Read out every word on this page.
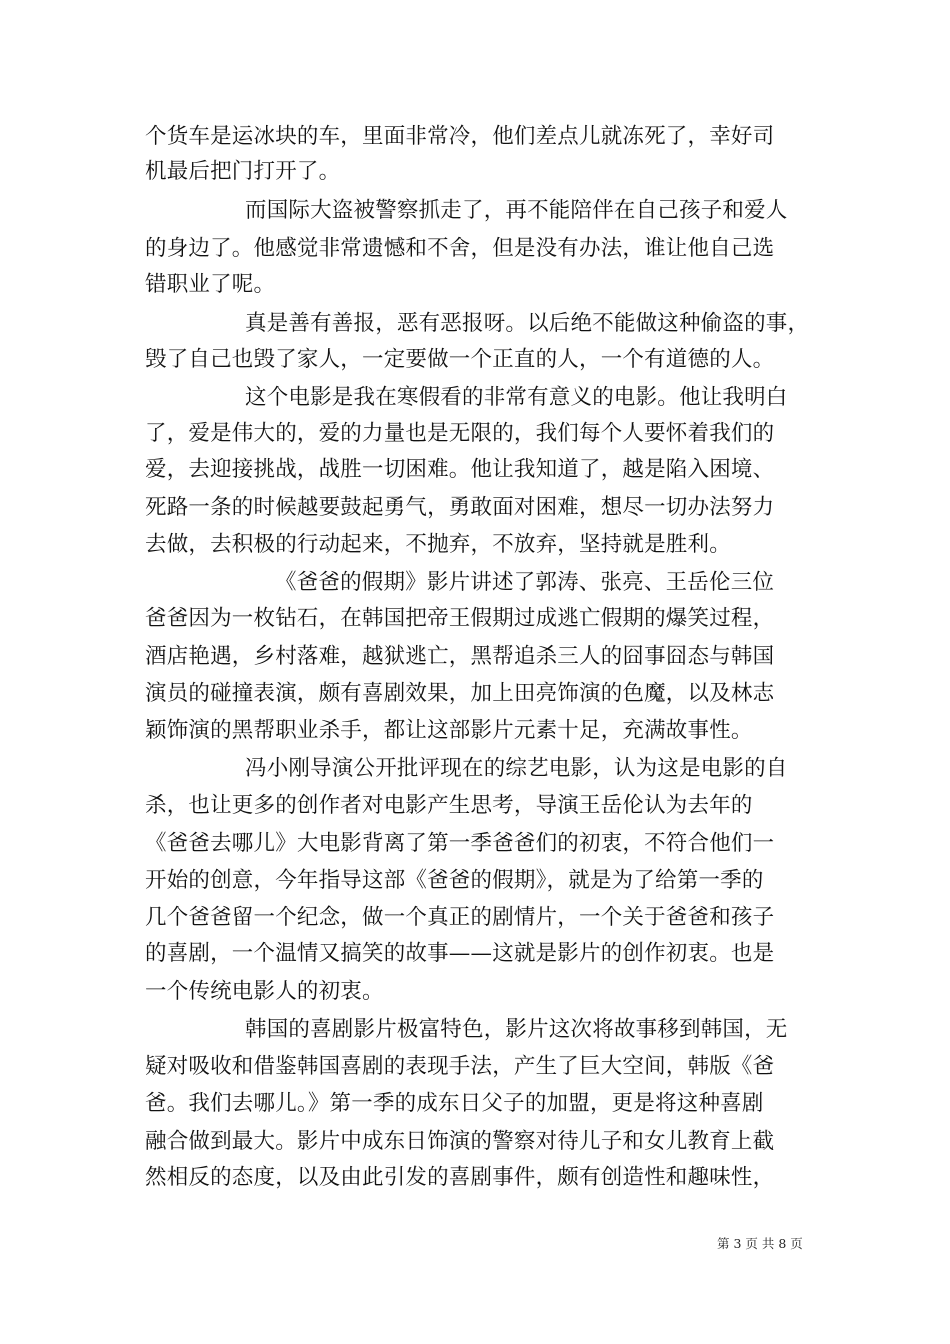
个货车是运冰块的车，里面非常冷，他们差点儿就冻死了，幸好司
机最后把门打开了。
而国际大盗被警察抓走了，再不能陪伴在自己孩子和爱人
的身边了。他感觉非常遗憾和不舍，但是没有办法，谁让他自己选
错职业了呢。
真是善有善报，恶有恶报呀。以后绝不能做这种偷盗的事，
毁了自己也毁了家人，一定要做一个正直的人，一个有道德的人。
这个电影是我在寒假看的非常有意义的电影。他让我明白
了，爱是伟大的，爱的力量也是无限的，我们每个人要怀着我们的
爱，去迎接挑战，战胜一切困难。他让我知道了，越是陷入困境、
死路一条的时候越要鼓起勇气，勇敢面对困难，想尽一切办法努力
去做，去积极的行动起来，不抛弃，不放弃，坚持就是胜利。
《爸爸的假期》影片讲述了郭涛、张亮、王岳伦三位
爸爸因为一枚钻石，在韩国把帝王假期过成逃亡假期的爆笑过程，
酒店艳遇，乡村落难，越狱逃亡，黑帮追杀三人的囧事囧态与韩国
演员的碰撞表演，颇有喜剧效果，加上田亮饰演的色魔，以及林志
颖饰演的黑帮职业杀手，都让这部影片元素十足，充满故事性。
冯小刚导演公开批评现在的综艺电影，认为这是电影的自
杀，也让更多的创作者对电影产生思考，导演王岳伦认为去年的
《爸爸去哪儿》大电影背离了第一季爸爸们的初衷，不符合他们一
开始的创意，今年指导这部《爸爸的假期》，就是为了给第一季的
几个爸爸留一个纪念，做一个真正的剧情片，一个关于爸爸和孩子
的喜剧，一个温情又搞笑的故事——这就是影片的创作初衷。也是
一个传统电影人的初衷。
韩国的喜剧影片极富特色，影片这次将故事移到韩国，无
疑对吸收和借鉴韩国喜剧的表现手法，产生了巨大空间，韩版《爸
爸。我们去哪儿。》第一季的成东日父子的加盟，更是将这种喜剧
融合做到最大。影片中成东日饰演的警察对待儿子和女儿教育上截
然相反的态度，以及由此引发的喜剧事件，颇有创造性和趣味性，
第 3 页 共 8 页
